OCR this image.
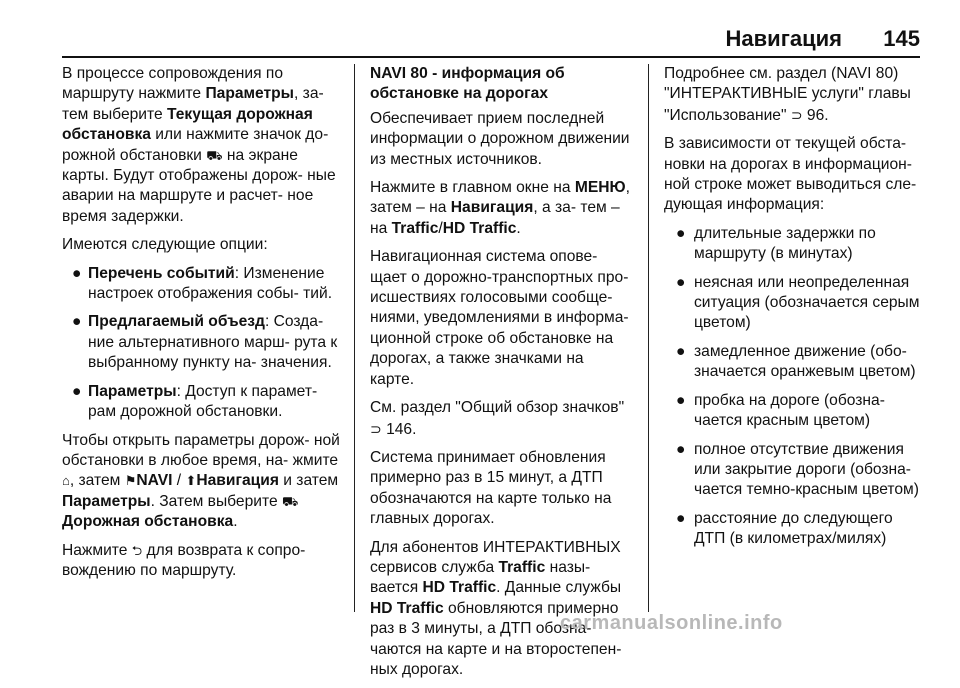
Навигация 145

В процессе сопровождения по маршруту нажмите Параметры, за- тем выберите Текущая дорожная обстановка или нажмите значок до- рожной обстановки ⛟ на экране карты. Будут отображены дорож- ные аварии на маршруте и расчет- ное время задержки.

Имеются следующие опции:

● Перечень событий: Изменение настроек отображения собы- тий.
● Предлагаемый объезд: Созда- ние альтернативного марш- рута к выбранному пункту на- значения.
● Параметры: Доступ к парамет- рам дорожной обстановки.

Чтобы открыть параметры дорож- ной обстановки в любое время, на- жмите ⌂, затем ⚑NAVI / ⬆Навигация и затем Параметры. Затем выберите ⛟Дорожная обстановка.

Нажмите ⮌ для возврата к сопро- вождению по маршруту.

NAVI 80 - информация об обстановке на дорогах

Обеспечивает прием последней информации о дорожном движении из местных источников.

Нажмите в главном окне на МЕНЮ, затем – на Навигация, а за- тем – на Traffic/HD Traffic.

Навигационная система опове- щает о дорожно-транспортных про- исшествиях голосовыми сообще- ниями, уведомлениями в информа- ционной строке об обстановке на дорогах, а также значками на карте.

См. раздел "Общий обзор значков" ⊃ 146.

Система принимает обновления примерно раз в 15 минут, а ДТП обозначаются на карте только на главных дорогах.

Для абонентов ИНТЕРАКТИВНЫХ сервисов служба Traffic назы- вается HD Traffic. Данные службы HD Traffic обновляются примерно раз в 3 минуты, а ДТП обозна- чаются на карте и на второстепен- ных дорогах.

Подробнее см. раздел (NAVI 80) "ИНТЕРАКТИВНЫЕ услуги" главы "Использование" ⊃ 96.

В зависимости от текущей обста- новки на дорогах в информацион- ной строке может выводиться сле- дующая информация:

● длительные задержки по маршруту (в минутах)
● неясная или неопределенная ситуация (обозначается серым цветом)
● замедленное движение (обо- значается оранжевым цветом)
● пробка на дороге (обозна- чается красным цветом)
● полное отсутствие движения или закрытие дороги (обозна- чается темно-красным цветом)
● расстояние до следующего ДТП (в километрах/милях)
carmanualsonline.info
